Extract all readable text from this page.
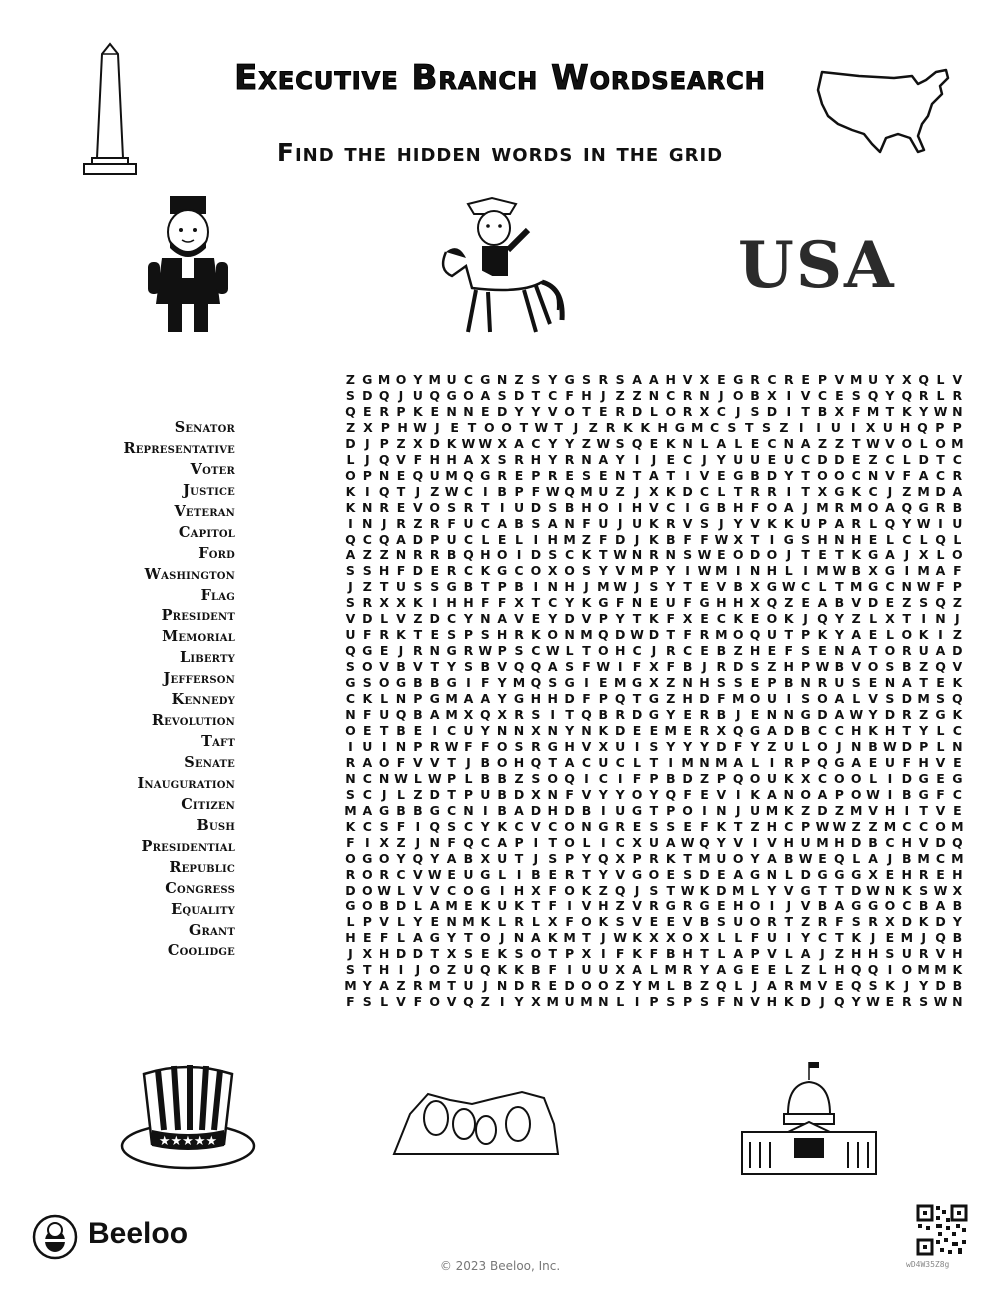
Executive Branch Wordsearch
Find the hidden words in the grid
USA
Senator
Representative
Voter
Justice
Veteran
Capitol
Ford
Washington
Flag
President
Memorial
Liberty
Jefferson
Kennedy
Revolution
Taft
Senate
Inauguration
Citizen
Bush
Presidential
Republic
Congress
Equality
Grant
Coolidge
Z G M O Y M U C G N Z S Y G S R S A A H V X E G R C R E P V M U Y X Q L V
S D Q J U Q G O A S D T C F H J Z Z N C R N J O B X I V C E S Q Y Q R L R
Q E R P K E N N E D Y Y V O T E R D L O R X C J S D I T B X F M T K Y W N
Z X P H W J E T O O T W T J Z R K K H G M C S T S Z I	I U I X U H Q P P
D J P Z X D K W W X A C Y Y Z W S Q E K N L A L E C N A Z Z T W V O L O M
L J Q V F H H A X S R H Y R N A Y I J E C J Y U U E U C D D E Z C L D T C
O P N E Q U M Q G R E P R E S E N T A T I V E G B D Y T O O C N V F A C R
K I Q T J Z W C I B P F W Q M U Z J X K D C L T R R I T X G K C J Z M D A
K N R E V O S R T I U D S B H O I H V C I G B H F O A J M R M O A Q G R B
I N J R Z R F U C A B S A N F U J U K R V S J Y V K K U P A R L Q Y W I U
Q C Q A D P U C L E L I H M Z F D J K B F F W X T I G S H N H E L C L Q L
A Z Z N R R B Q H O I D S C K T W N R N S W E O D O J T E T K G A J X L O
S S H F D E R C K G C O X O S Y V M P Y I W M I N H L I M W B X G I M A F
J Z T U S S G B T P B I N H J M W J S Y T E V B X G W C L T M G C N W F P
S R X X K I H H F F X T C Y K G F N E U F G H H X Q Z E A B V D E Z S Q Z
V D L V Z D C Y N A V E Y D V P Y T K F X E C K E O K J Q Y Z L X T I N J
U F R K T E S P S H R K O N M Q D W D T F R M O Q U T P K Y A E L O K I Z
Q G E J R N G R W P S C W L T O H C J R C E B Z H E F S E N A T O R U A D
S O V B V T Y S B V Q Q A S F W I F X F B J R D S Z H P W B V O S B Z Q V
G S O G B B G I F Y M Q S G I E M G X Z N H S S E P B N R U S E N A T E K
C K L N P G M A A Y G H H D F P Q T G Z H D F M O U I S O A L V S D M S Q
N F U Q B A M X Q X R S I T Q B R D G Y E R B J E N N G D A W Y D R Z G K
O E T B E I C U Y N N X N Y N K D E E M E R X Q G A D B C C H K H T Y L C
I U I N P R W F F O S R G H V X U I S Y Y Y D F Y Z U L O J N B W D P L N
R A O F V V T J B O H Q T A C U C L T I M N M A L I R P Q G A E U F H V E
N C N W L W P L B B Z S O Q I C I F P B D Z P Q O U K X C O O L I D G E G
S C J L Z D T P U B D X N F V Y Y O Y Q F E V I K A N O A P O W I B G F C
M A G B B G C N I B A D H D B I U G T P O I N J U M K Z D Z M V H I T V E
K C S F I Q S C Y K C V C O N G R E S S E F K T Z H C P W W Z Z M C C O M
F I X Z J N F Q C A P I T O L I C X U A W Q Y V I V H U M H D B C H V D Q
O G O Y Q Y A B X U T J S P Y Q X P R K T M U O Y A B W E Q L A J B M C M
R O R C V W E U G L I B E R T Y V G O E S D E A G N L D G G G X E H R E H
D O W L V V C O G I H X F O K Z Q J S T W K D M L Y V G T T D W N K S W X
G O B D L A M E K U K T F I V H Z V R G R G E H O I J V B A G G O C B A B
L P V L Y E N M K L R L X F O K S V E E V B S U O R T Z R F S R X D K D Y
H E F L A G Y T O J N A K M T J W K X X O X L L F U I Y C T K J E M J Q B
J X H D D T X S E K S O T P X I F K F B H T L A P V L A J Z H H S U R V H
S T H I J O Z U Q K K B F I U U X A L M R Y A G E E L Z L H Q Q I O M M K
M Y A Z R M T U J N D R E D O O Z Y M L B Z Q L J A R M V E Q S K J Y D B
F S L V F O V Q Z I Y X M U M N L I P S P S F N V H K D J Q Y W E R S W N
★★★★★
Beeloo
© 2023 Beeloo, Inc.	wD4W35Z8g
